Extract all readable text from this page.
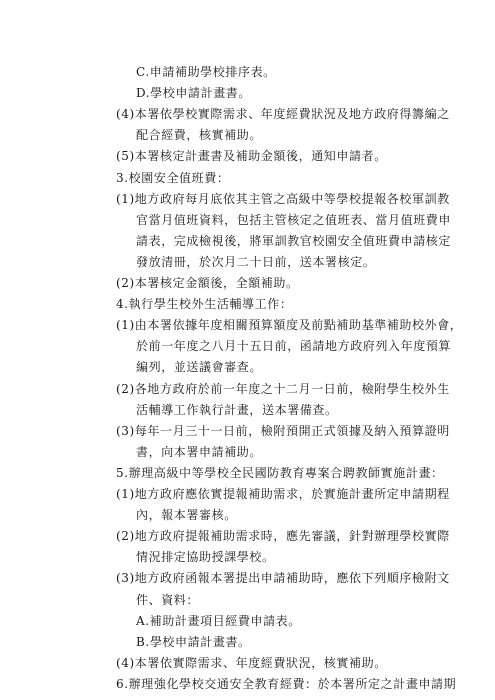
C.申請補助學校排序表。
D.學校申請計畫書。
(4)本署依學校實際需求、年度經費狀況及地方政府得籌編之
配合經費，核實補助。
(5)本署核定計畫書及補助金額後，通知申請者。
3.校園安全值班費：
(1)地方政府每月底依其主管之高級中等學校提報各校軍訓教
官當月值班資料，包括主管核定之值班表、當月值班費申
請表，完成檢視後，將軍訓教官校園安全值班費申請核定
發放清冊，於次月二十日前，送本署核定。
(2)本署核定金額後，全額補助。
4.執行學生校外生活輔導工作：
(1)由本署依據年度相關預算額度及前點補助基準補助校外會，
於前一年度之八月十五日前，函請地方政府列入年度預算
編列，並送議會審查。
(2)各地方政府於前一年度之十二月一日前，檢附學生校外生
活輔導工作執行計畫，送本署備查。
(3)每年一月三十一日前，檢附預開正式領據及納入預算證明
書，向本署申請補助。
5.辦理高級中等學校全民國防教育專案合聘教師實施計畫：
(1)地方政府應依實提報補助需求，於實施計畫所定申請期程
內，報本署審核。
(2)地方政府提報補助需求時，應先審議，針對辦理學校實際
情況排定協助授課學校。
(3)地方政府函報本署提出申請補助時，應依下列順序檢附文
件、資料：
A.補助計畫項目經費申請表。
B.學校申請計畫書。
(4)本署依實際需求、年度經費狀況，核實補助。
6.辦理強化學校交通安全教育經費：於本署所定之計畫申請期
